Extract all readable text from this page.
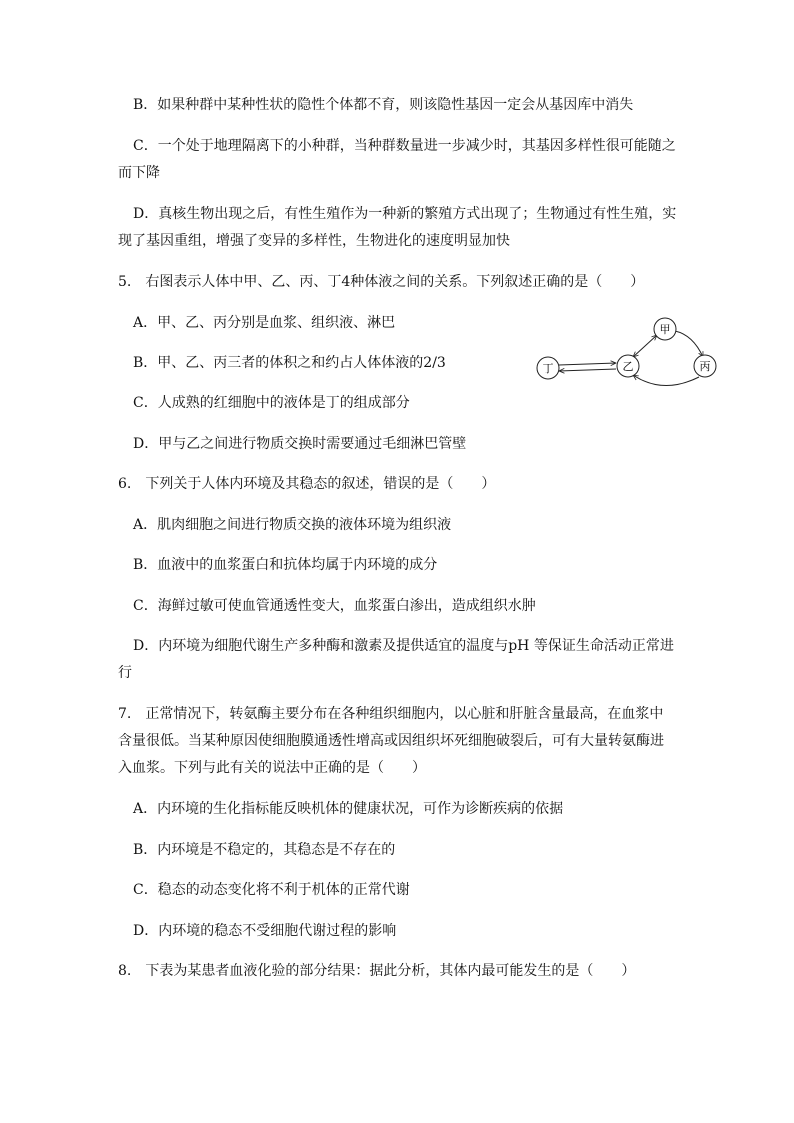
B．如果种群中某种性状的隐性个体都不育，则该隐性基因一定会从基因库中消失
C．一个处于地理隔离下的小种群，当种群数量进一步减少时，其基因多样性很可能随之
而下降
D．真核生物出现之后，有性生殖作为一种新的繁殖方式出现了；生物通过有性生殖，实
现了基因重组，增强了变异的多样性，生物进化的速度明显加快
5.　右图表示人体中甲、乙、丙、丁4种体液之间的关系。下列叙述正确的是（　　）
A．甲、乙、丙分别是血浆、组织液、淋巴
B．甲、乙、丙三者的体积之和约占人体体液的2/3
C．人成熟的红细胞中的液体是丁的组成部分
D．甲与乙之间进行物质交换时需要通过毛细淋巴管壁
丁	乙
甲
丙
6.　下列关于人体内环境及其稳态的叙述，错误的是（　　）
A．肌肉细胞之间进行物质交换的液体环境为组织液
B．血液中的血浆蛋白和抗体均属于内环境的成分
C．海鲜过敏可使血管通透性变大，血浆蛋白渗出，造成组织水肿
D．内环境为细胞代谢生产多种酶和激素及提供适宜的温度与pH 等保证生命活动正常进
行
7.　正常情况下，转氨酶主要分布在各种组织细胞内，以心脏和肝脏含量最高，在血浆中
含量很低。当某种原因使细胞膜通透性增高或因组织坏死细胞破裂后，可有大量转氨酶进
入血浆。下列与此有关的说法中正确的是（　　）
A．内环境的生化指标能反映机体的健康状况，可作为诊断疾病的依据
B．内环境是不稳定的，其稳态是不存在的
C．稳态的动态变化将不利于机体的正常代谢
D．内环境的稳态不受细胞代谢过程的影响
8.　下表为某患者血液化验的部分结果：据此分析，其体内最可能发生的是（　　）
